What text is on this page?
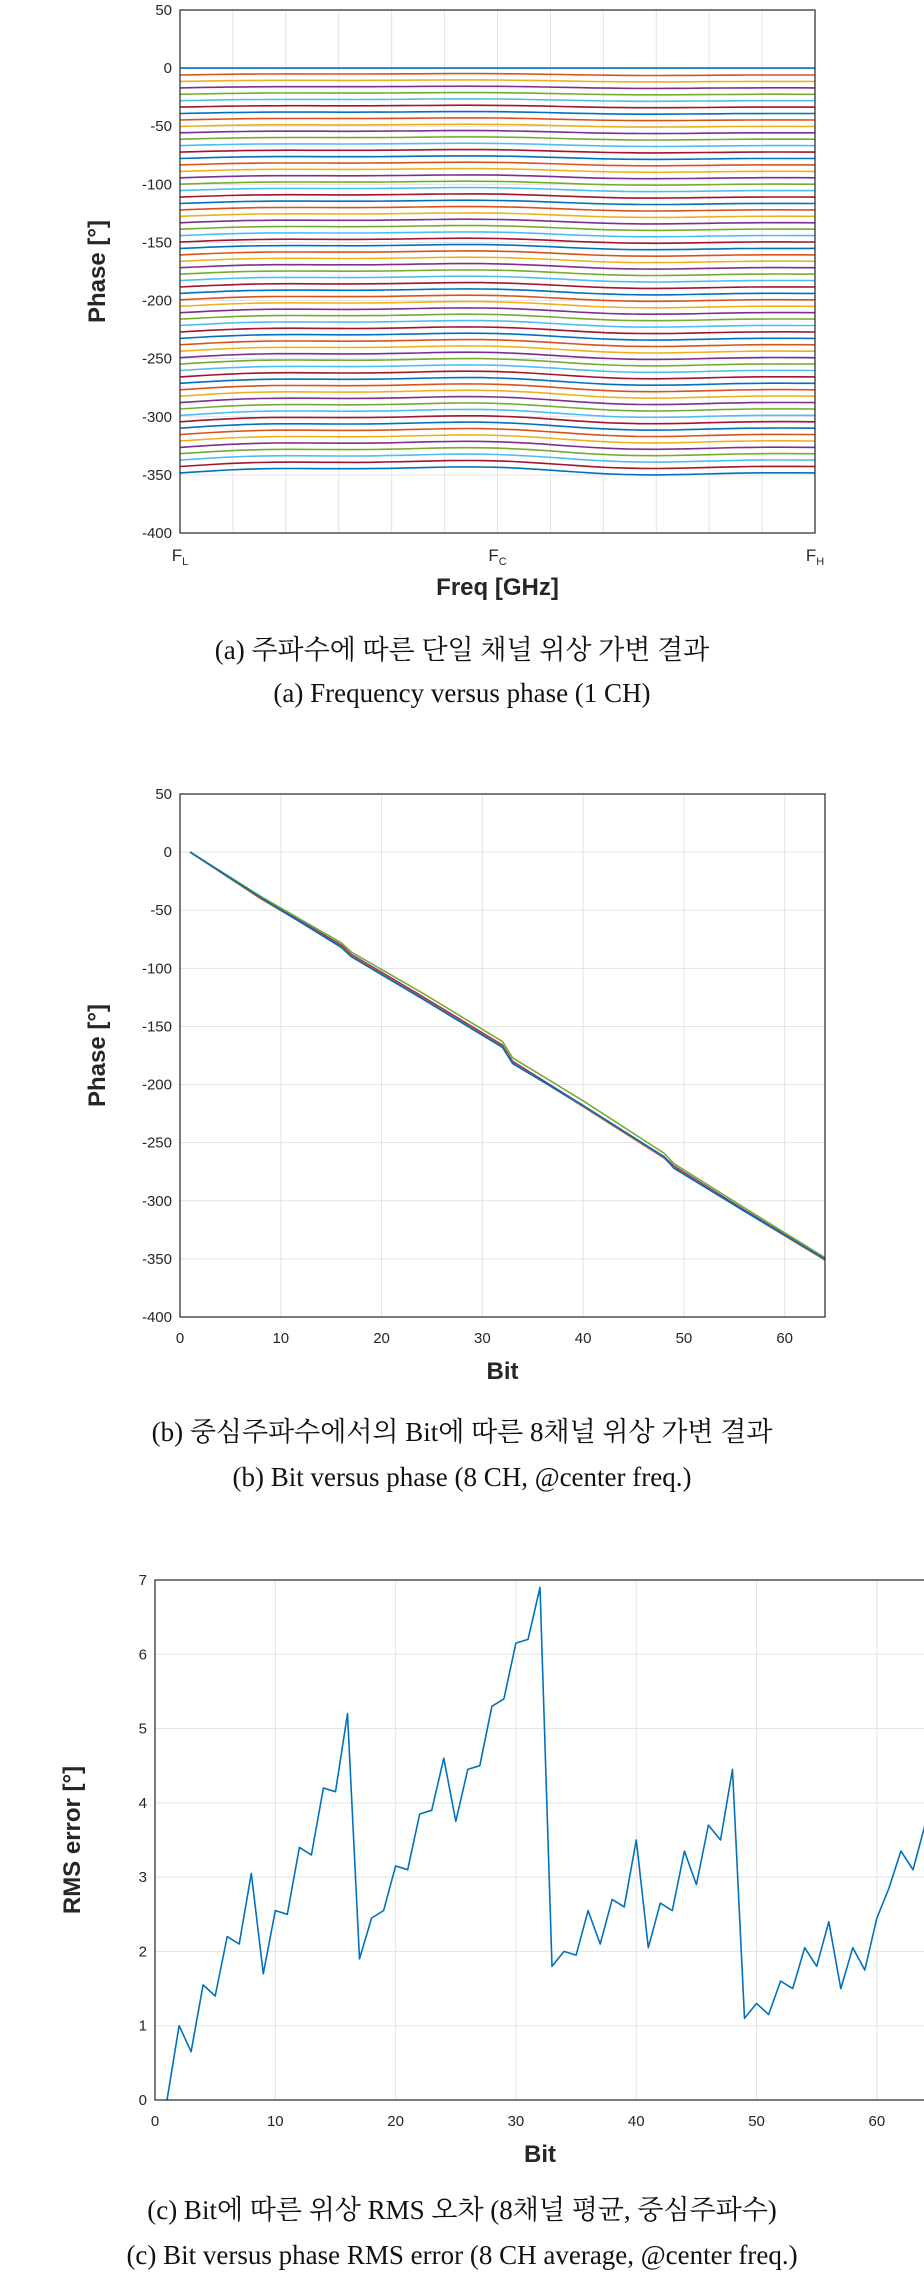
50
0
-50
-100
-150
-200
-250
-300
-350
-400
$F_L$	$F_C$	$F_H$
Phase [°]
Freq [GHz]
(a) 주파수에 따른 단일 채널 위상 가변 결과
(a) Frequency versus phase (1 CH)
50
0
-50
-100
-150
-200
-250
-300
-350
-400
0	10	20	30	40	50	60
Phase [°]
Bit
(b) 중심주파수에서의 Bit에 따른 8채널 위상 가변 결과
(b) Bit versus phase (8 CH, @center freq.)
0
1
2
3
4
5
6
7
0	10	20	30	40	50	60
RMS error [°]
Bit
(c) Bit에 따른 위상 RMS 오차 (8채널 평균, 중심주파수)
(c) Bit versus phase RMS error (8 CH average, @center freq.)
